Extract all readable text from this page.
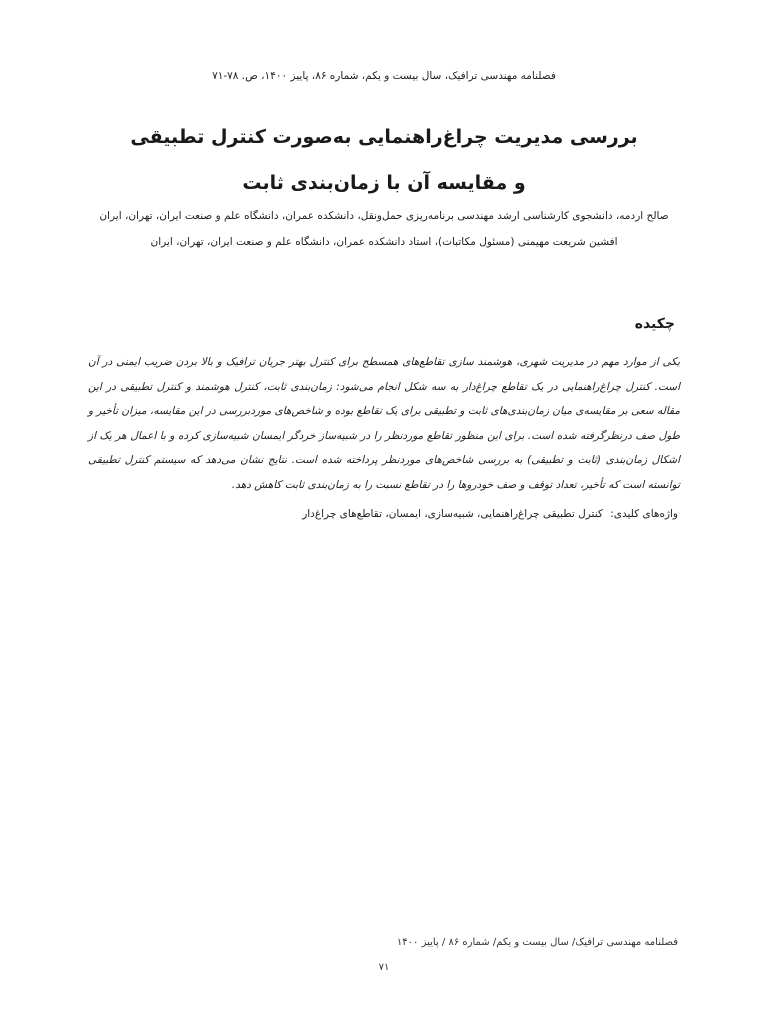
فصلنامه مهندسی ترافیک، سال بیست و یکم، شماره ۸۶، پاییز ۱۴۰۰، ص. ۷۸-۷۱
بررسی مدیریت چراغ‌راهنمایی به‌صورت کنترل تطبیقی
و مقایسه آن با زمان‌بندی ثابت
صالح اردمه، دانشجوی کارشناسی ارشد مهندسی برنامه‌ریزی حمل‌ونقل، دانشکده عمران، دانشگاه علم و صنعت ایران، تهران، ایران
افشین شریعت مهیمنی (مسئول مکاتبات)، استاد دانشکده عمران، دانشگاه علم و صنعت ایران، تهران، ایران
چکیده
یکی از موارد مهم در مدیریت شهری، هوشمند سازی تقاطع‌های همسطح برای کنترل بهتر جریان ترافیک و بالا بردن ضریب ایمنی در آن است. کنترل چراغ‌راهنمایی در یک تقاطع چراغ‌دار به سه شکل انجام می‌شود: زمان‌بندی ثابت، کنترل هوشمند و کنترل تطبیقی در این مقاله سعی بر مقایسه‌ی میان زمان‌بندی‌های ثابت و تطبیقی برای یک تقاطع بوده و شاخص‌های موردبررسی در این مقایسه، میزان تأخیر و طول صف درنظرگرفته شده است. برای این منظور تقاطع موردنظر را در شبیه‌ساز خردگر ایمسان شبیه‌سازی کرده و با اعمال هر یک از اشکال زمان‌بندی (ثابت و تطبیقی) به بررسی شاخص‌های موردنظر پرداخته شده است. نتایج نشان می‌دهد که سیستم کنترل تطبیقی توانسته است که تأخیر، تعداد توقف و صف خودروها را در تقاطع نسبت را به زمان‌بندی ثابت کاهش دهد.
واژه‌های کلیدی: کنترل تطبیقی چراغ‌راهنمایی، شبیه‌سازی، ایمسان، تقاطع‌های چراغ‌دار
فصلنامه مهندسی ترافیک/ سال بیست و یکم/ شماره ۸۶ / پاییز ۱۴۰۰
۷۱
